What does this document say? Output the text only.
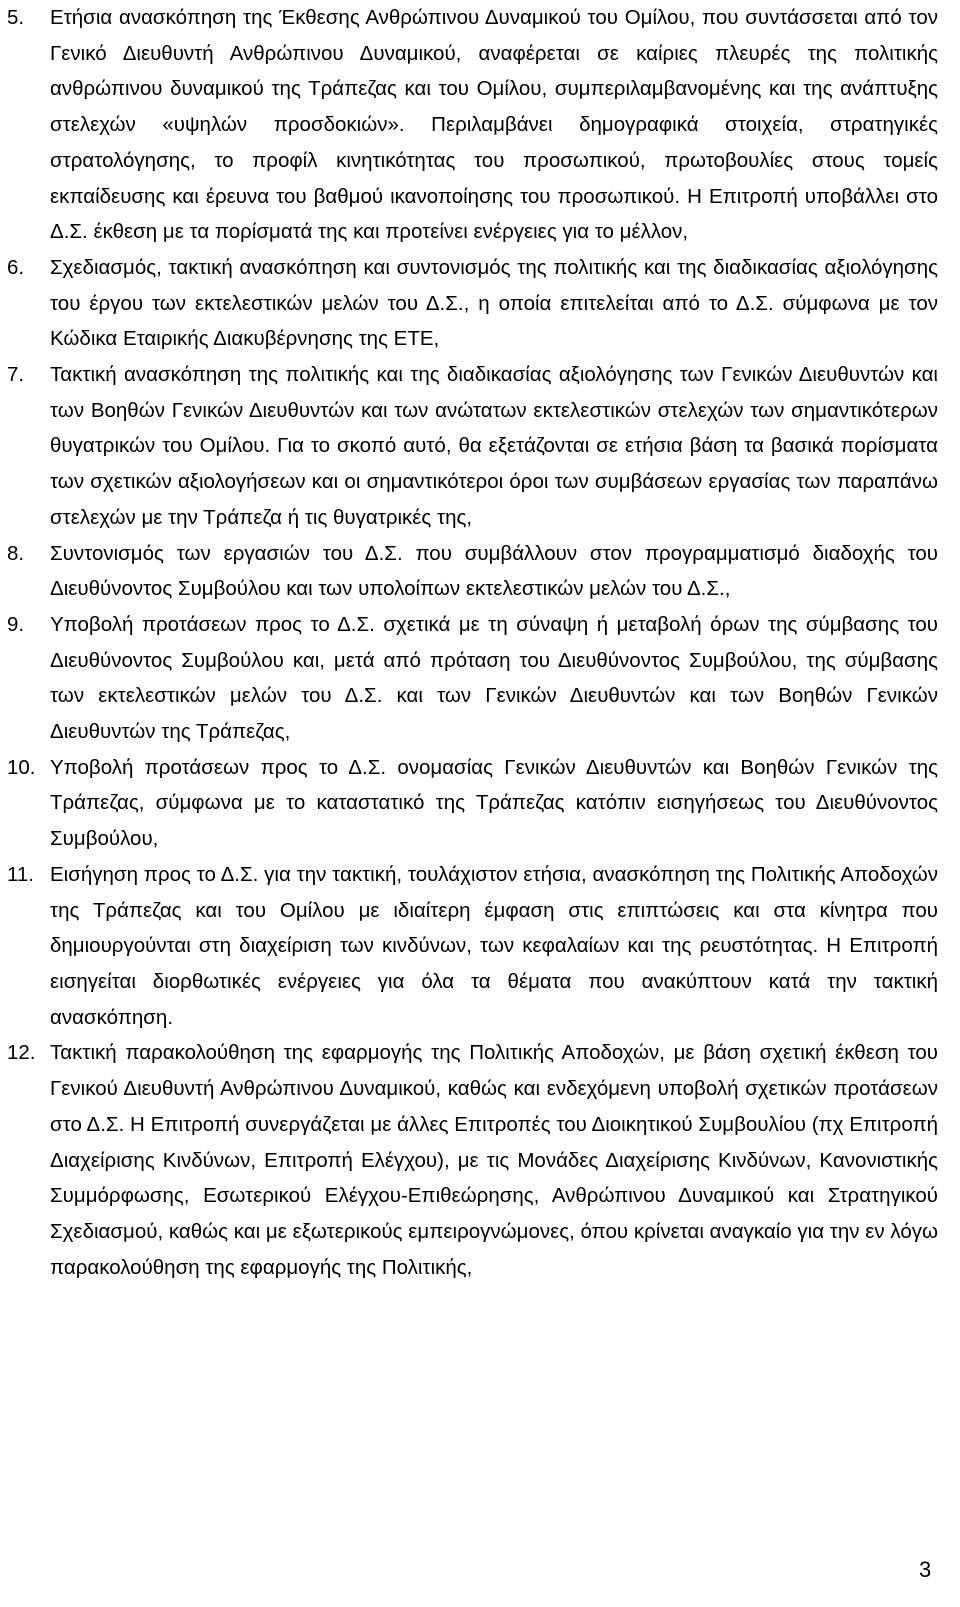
5.	Ετήσια ανασκόπηση της Έκθεσης Ανθρώπινου Δυναμικού του Ομίλου, που συντάσσεται από τον Γενικό Διευθυντή Ανθρώπινου Δυναμικού, αναφέρεται σε καίριες πλευρές της πολιτικής ανθρώπινου δυναμικού της Τράπεζας και του Ομίλου, συμπεριλαμβανομένης και της ανάπτυξης στελεχών «υψηλών προσδοκιών». Περιλαμβάνει δημογραφικά στοιχεία, στρατηγικές στρατολόγησης, το προφίλ κινητικότητας του προσωπικού, πρωτοβουλίες στους τομείς εκπαίδευσης και έρευνα του βαθμού ικανοποίησης του προσωπικού. Η Επιτροπή υποβάλλει στο Δ.Σ. έκθεση με τα πορίσματά της και προτείνει ενέργειες για το μέλλον,
6.	Σχεδιασμός, τακτική ανασκόπηση και συντονισμός της πολιτικής και της διαδικασίας αξιολόγησης του έργου των εκτελεστικών μελών του Δ.Σ., η οποία επιτελείται από το Δ.Σ. σύμφωνα με τον Κώδικα Εταιρικής Διακυβέρνησης της ΕΤΕ,
7.	Τακτική ανασκόπηση της πολιτικής και της διαδικασίας αξιολόγησης των Γενικών Διευθυντών και των Βοηθών Γενικών Διευθυντών και των ανώτατων εκτελεστικών στελεχών των σημαντικότερων θυγατρικών του Ομίλου. Για το σκοπό αυτό, θα εξετάζονται σε ετήσια βάση τα βασικά πορίσματα των σχετικών αξιολογήσεων και οι σημαντικότεροι όροι των συμβάσεων εργασίας των παραπάνω στελεχών με την Τράπεζα ή τις θυγατρικές της,
8.	Συντονισμός των εργασιών του Δ.Σ. που συμβάλλουν στον προγραμματισμό διαδοχής του Διευθύνοντος Συμβούλου και των υπολοίπων εκτελεστικών μελών του Δ.Σ.,
9.	Υποβολή προτάσεων προς το Δ.Σ. σχετικά με τη σύναψη ή μεταβολή όρων της σύμβασης του Διευθύνοντος Συμβούλου και, μετά από πρόταση του Διευθύνοντος Συμβούλου, της σύμβασης των εκτελεστικών μελών του Δ.Σ. και των Γενικών Διευθυντών και των Βοηθών Γενικών Διευθυντών της Τράπεζας,
10. Υποβολή προτάσεων προς το Δ.Σ. ονομασίας Γενικών Διευθυντών και Βοηθών Γενικών της Τράπεζας, σύμφωνα με το καταστατικό της Τράπεζας κατόπιν εισηγήσεως του Διευθύνοντος Συμβούλου,
11. Εισήγηση προς το Δ.Σ. για την τακτική, τουλάχιστον ετήσια, ανασκόπηση της Πολιτικής Αποδοχών της Τράπεζας και του Ομίλου με ιδιαίτερη έμφαση στις επιπτώσεις και στα κίνητρα που δημιουργούνται στη διαχείριση των κινδύνων, των κεφαλαίων και της ρευστότητας. Η Επιτροπή εισηγείται διορθωτικές ενέργειες για όλα τα θέματα που ανακύπτουν κατά την τακτική ανασκόπηση.
12. Τακτική παρακολούθηση της εφαρμογής της Πολιτικής Αποδοχών, με βάση σχετική έκθεση του Γενικού Διευθυντή Ανθρώπινου Δυναμικού, καθώς και ενδεχόμενη υποβολή σχετικών προτάσεων στο Δ.Σ. Η Επιτροπή συνεργάζεται με άλλες Επιτροπές του Διοικητικού Συμβουλίου (πχ Επιτροπή Διαχείρισης Κινδύνων, Επιτροπή Ελέγχου), με τις Μονάδες Διαχείρισης Κινδύνων, Κανονιστικής Συμμόρφωσης, Εσωτερικού Ελέγχου-Επιθεώρησης, Ανθρώπινου Δυναμικού και Στρατηγικού Σχεδιασμού, καθώς και με εξωτερικούς εμπειρογνώμονες, όπου κρίνεται αναγκαίο για την εν λόγω παρακολούθηση της εφαρμογής της Πολιτικής,
3
